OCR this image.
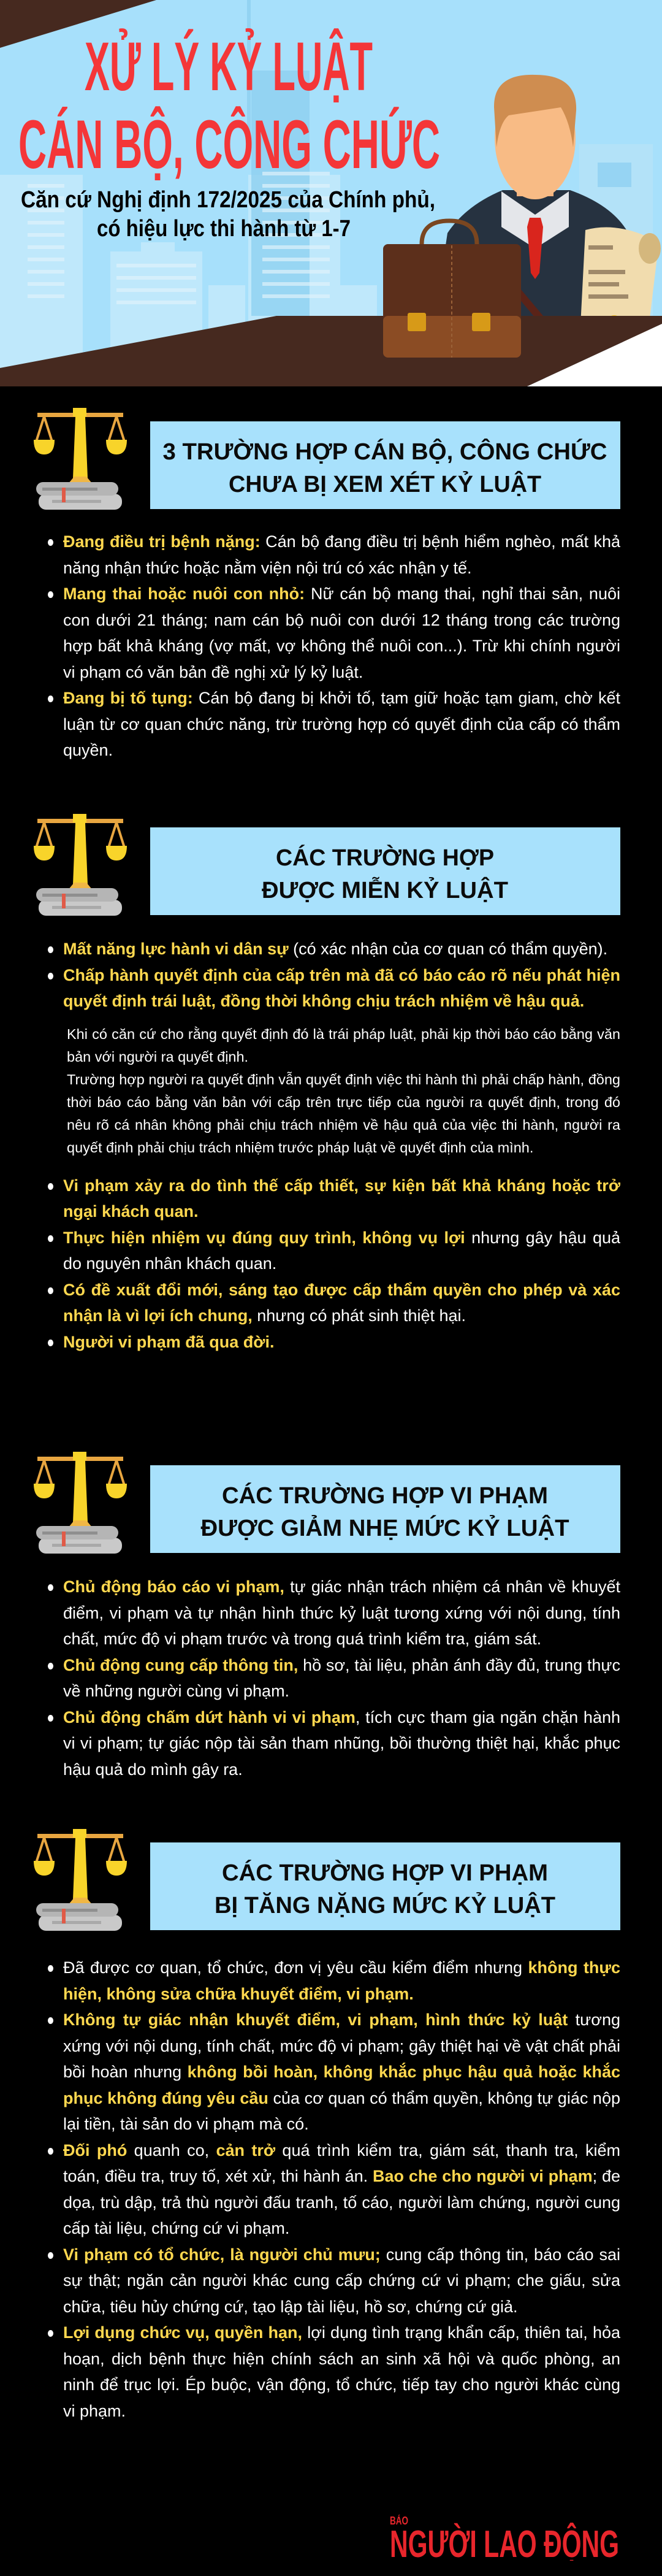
XỬ LÝ KỶ LUẬT
CÁN BỘ, CÔNG CHỨC
Căn cứ Nghị định 172/2025 của Chính phủ,
có hiệu lực thi hành từ 1-7
3 TRƯỜNG HỢP CÁN BỘ, CÔNG CHỨC
CHƯA BỊ XEM XÉT KỶ LUẬT
Đang điều trị bệnh nặng: Cán bộ đang điều trị bệnh hiểm nghèo, mất khả năng nhận thức hoặc nằm viện nội trú có xác nhận y tế.
Mang thai hoặc nuôi con nhỏ: Nữ cán bộ mang thai, nghỉ thai sản, nuôi con dưới 21 tháng; nam cán bộ nuôi con dưới 12 tháng trong các trường hợp bất khả kháng (vợ mất, vợ không thể nuôi con...). Trừ khi chính người vi phạm có văn bản đề nghị xử lý kỷ luật.
Đang bị tố tụng: Cán bộ đang bị khởi tố, tạm giữ hoặc tạm giam, chờ kết luận từ cơ quan chức năng, trừ trường hợp có quyết định của cấp có thẩm quyền.
CÁC TRƯỜNG HỢP
ĐƯỢC MIỄN KỶ LUẬT
Mất năng lực hành vi dân sự (có xác nhận của cơ quan có thẩm quyền).
Chấp hành quyết định của cấp trên mà đã có báo cáo rõ nếu phát hiện quyết định trái luật, đồng thời không chịu trách nhiệm về hậu quả.

Khi có căn cứ cho rằng quyết định đó là trái pháp luật, phải kịp thời báo cáo bằng văn bản với người ra quyết định.

Trường hợp người ra quyết định vẫn quyết định việc thi hành thì phải chấp hành, đồng thời báo cáo bằng văn bản với cấp trên trực tiếp của người ra quyết định, trong đó nêu rõ cá nhân không phải chịu trách nhiệm về hậu quả của việc thi hành, người ra quyết định phải chịu trách nhiệm trước pháp luật về quyết định của mình.

Vi phạm xảy ra do tình thế cấp thiết, sự kiện bất khả kháng hoặc trở ngại khách quan.
Thực hiện nhiệm vụ đúng quy trình, không vụ lợi nhưng gây hậu quả do nguyên nhân khách quan.
Có đề xuất đổi mới, sáng tạo được cấp thẩm quyền cho phép và xác nhận là vì lợi ích chung, nhưng có phát sinh thiệt hại.
Người vi phạm đã qua đời.
CÁC TRƯỜNG HỢP VI PHẠM
ĐƯỢC GIẢM NHẸ MỨC KỶ LUẬT
Chủ động báo cáo vi phạm, tự giác nhận trách nhiệm cá nhân về khuyết điểm, vi phạm và tự nhận hình thức kỷ luật tương xứng với nội dung, tính chất, mức độ vi phạm trước và trong quá trình kiểm tra, giám sát.
Chủ động cung cấp thông tin, hồ sơ, tài liệu, phản ánh đầy đủ, trung thực về những người cùng vi phạm.
Chủ động chấm dứt hành vi vi phạm, tích cực tham gia ngăn chặn hành vi vi phạm; tự giác nộp tài sản tham nhũng, bồi thường thiệt hại, khắc phục hậu quả do mình gây ra.
CÁC TRƯỜNG HỢP VI PHẠM
BỊ TĂNG NẶNG MỨC KỶ LUẬT
Đã được cơ quan, tổ chức, đơn vị yêu cầu kiểm điểm nhưng không thực hiện, không sửa chữa khuyết điểm, vi phạm.
Không tự giác nhận khuyết điểm, vi phạm, hình thức kỷ luật tương xứng với nội dung, tính chất, mức độ vi phạm; gây thiệt hại về vật chất phải bồi hoàn nhưng không bồi hoàn, không khắc phục hậu quả hoặc khắc phục không đúng yêu cầu của cơ quan có thẩm quyền, không tự giác nộp lại tiền, tài sản do vi phạm mà có.
Đối phó quanh co, cản trở quá trình kiểm tra, giám sát, thanh tra, kiểm toán, điều tra, truy tố, xét xử, thi hành án. Bao che cho người vi phạm; đe dọa, trù dập, trả thù người đấu tranh, tố cáo, người làm chứng, người cung cấp tài liệu, chứng cứ vi phạm.
Vi phạm có tổ chức, là người chủ mưu; cung cấp thông tin, báo cáo sai sự thật; ngăn cản người khác cung cấp chứng cứ vi phạm; che giấu, sửa chữa, tiêu hủy chứng cứ, tạo lập tài liệu, hồ sơ, chứng cứ giả.
Lợi dụng chức vụ, quyền hạn, lợi dụng tình trạng khẩn cấp, thiên tai, hỏa hoạn, dịch bệnh thực hiện chính sách an sinh xã hội và quốc phòng, an ninh để trục lợi. Ép buộc, vận động, tổ chức, tiếp tay cho người khác cùng vi phạm.
BÁO
NGƯỜI LAO ĐỘNG
